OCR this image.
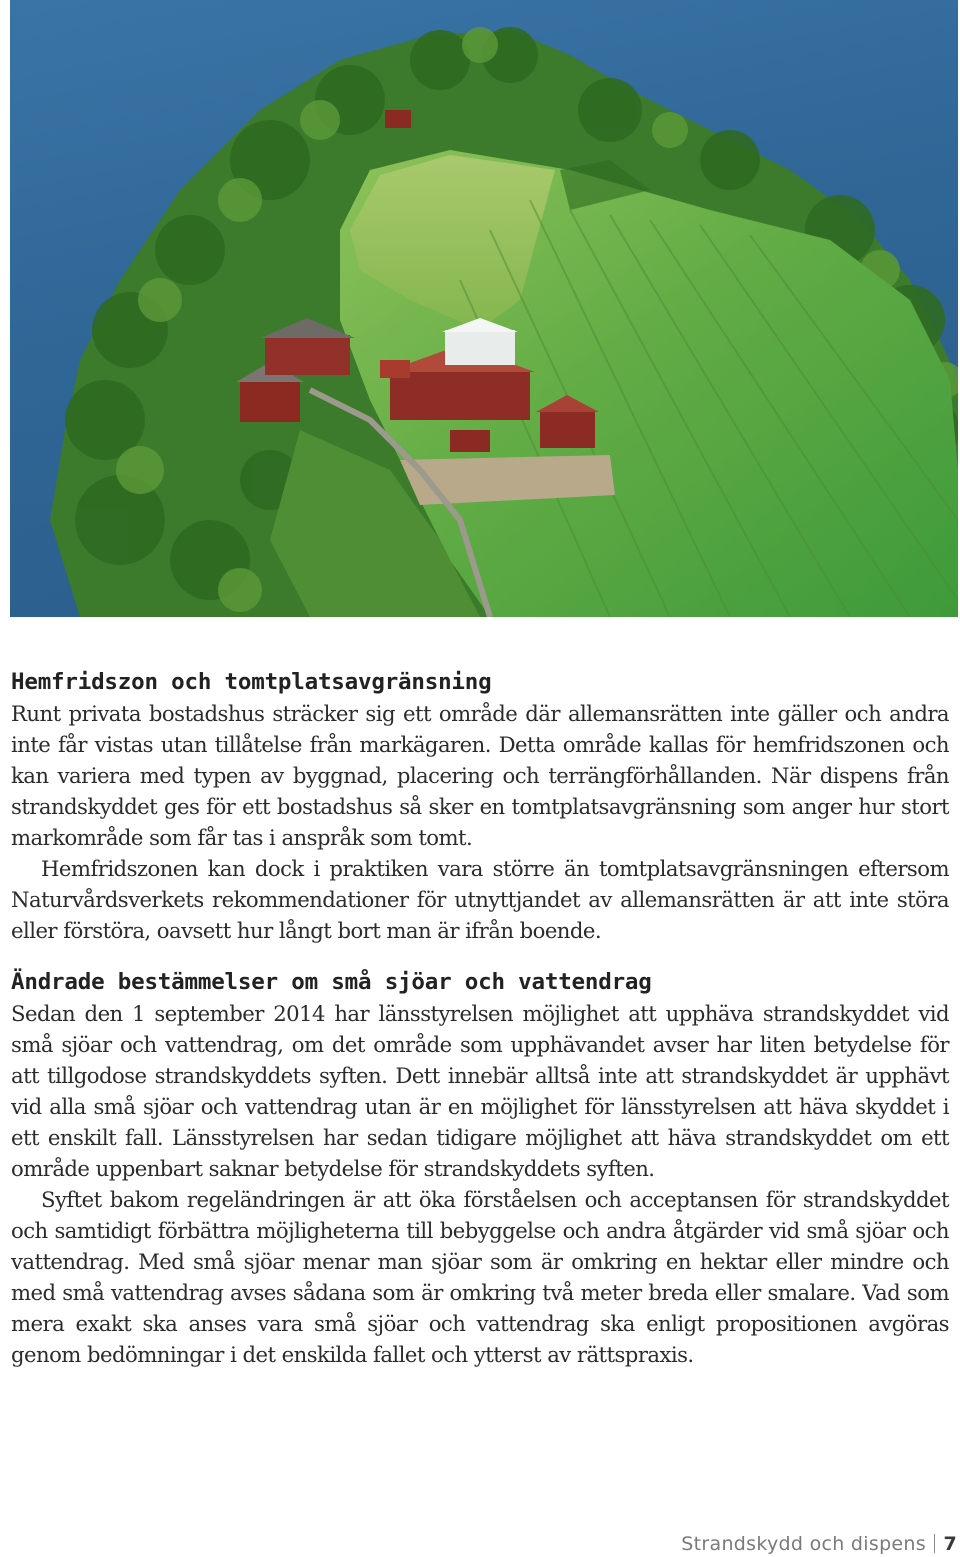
Hemfridszon och tomtplatsavgränsning

Runt privata bostadshus sträcker sig ett område där allemansrätten inte gäller och andra inte får vistas utan tillåtelse från markägaren. Detta område kallas för hemfridszonen och kan variera med typen av byggnad, placering och terrängförhållanden. När dispens från strandskyddet ges för ett bostadshus så sker en tomtplatsavgränsning som anger hur stort markområde som får tas i anspråk som tomt.

Hemfridszonen kan dock i praktiken vara större än tomtplatsavgränsningen eftersom Naturvårdsverkets rekommendationer för utnyttjandet av allemansrätten är att inte störa eller förstöra, oavsett hur långt bort man är ifrån boende.

Ändrade bestämmelser om små sjöar och vattendrag

Sedan den 1 september 2014 har länsstyrelsen möjlighet att upphäva strandskyddet vid små sjöar och vattendrag, om det område som upphävandet avser har liten betydelse för att tillgodose strandskyddets syften. Dett innebär alltså inte att strandskyddet är upphävt vid alla små sjöar och vattendrag utan är en möjlighet för länsstyrelsen att häva skyddet i ett enskilt fall. Länsstyrelsen har sedan tidigare möjlighet att häva strandskyddet om ett område uppenbart saknar betydelse för strandskyddets syften.

Syftet bakom regeländringen är att öka förståelsen och acceptansen för strandskyddet och samtidigt förbättra möjligheterna till bebyggelse och andra åtgärder vid små sjöar och vattendrag. Med små sjöar menar man sjöar som är omkring en hektar eller mindre och med små vattendrag avses sådana som är omkring två meter breda eller smalare. Vad som mera exakt ska anses vara små sjöar och vattendrag ska enligt propositionen avgöras genom bedömningar i det enskilda fallet och ytterst av rättspraxis.

Strandskydd och dispens 7
